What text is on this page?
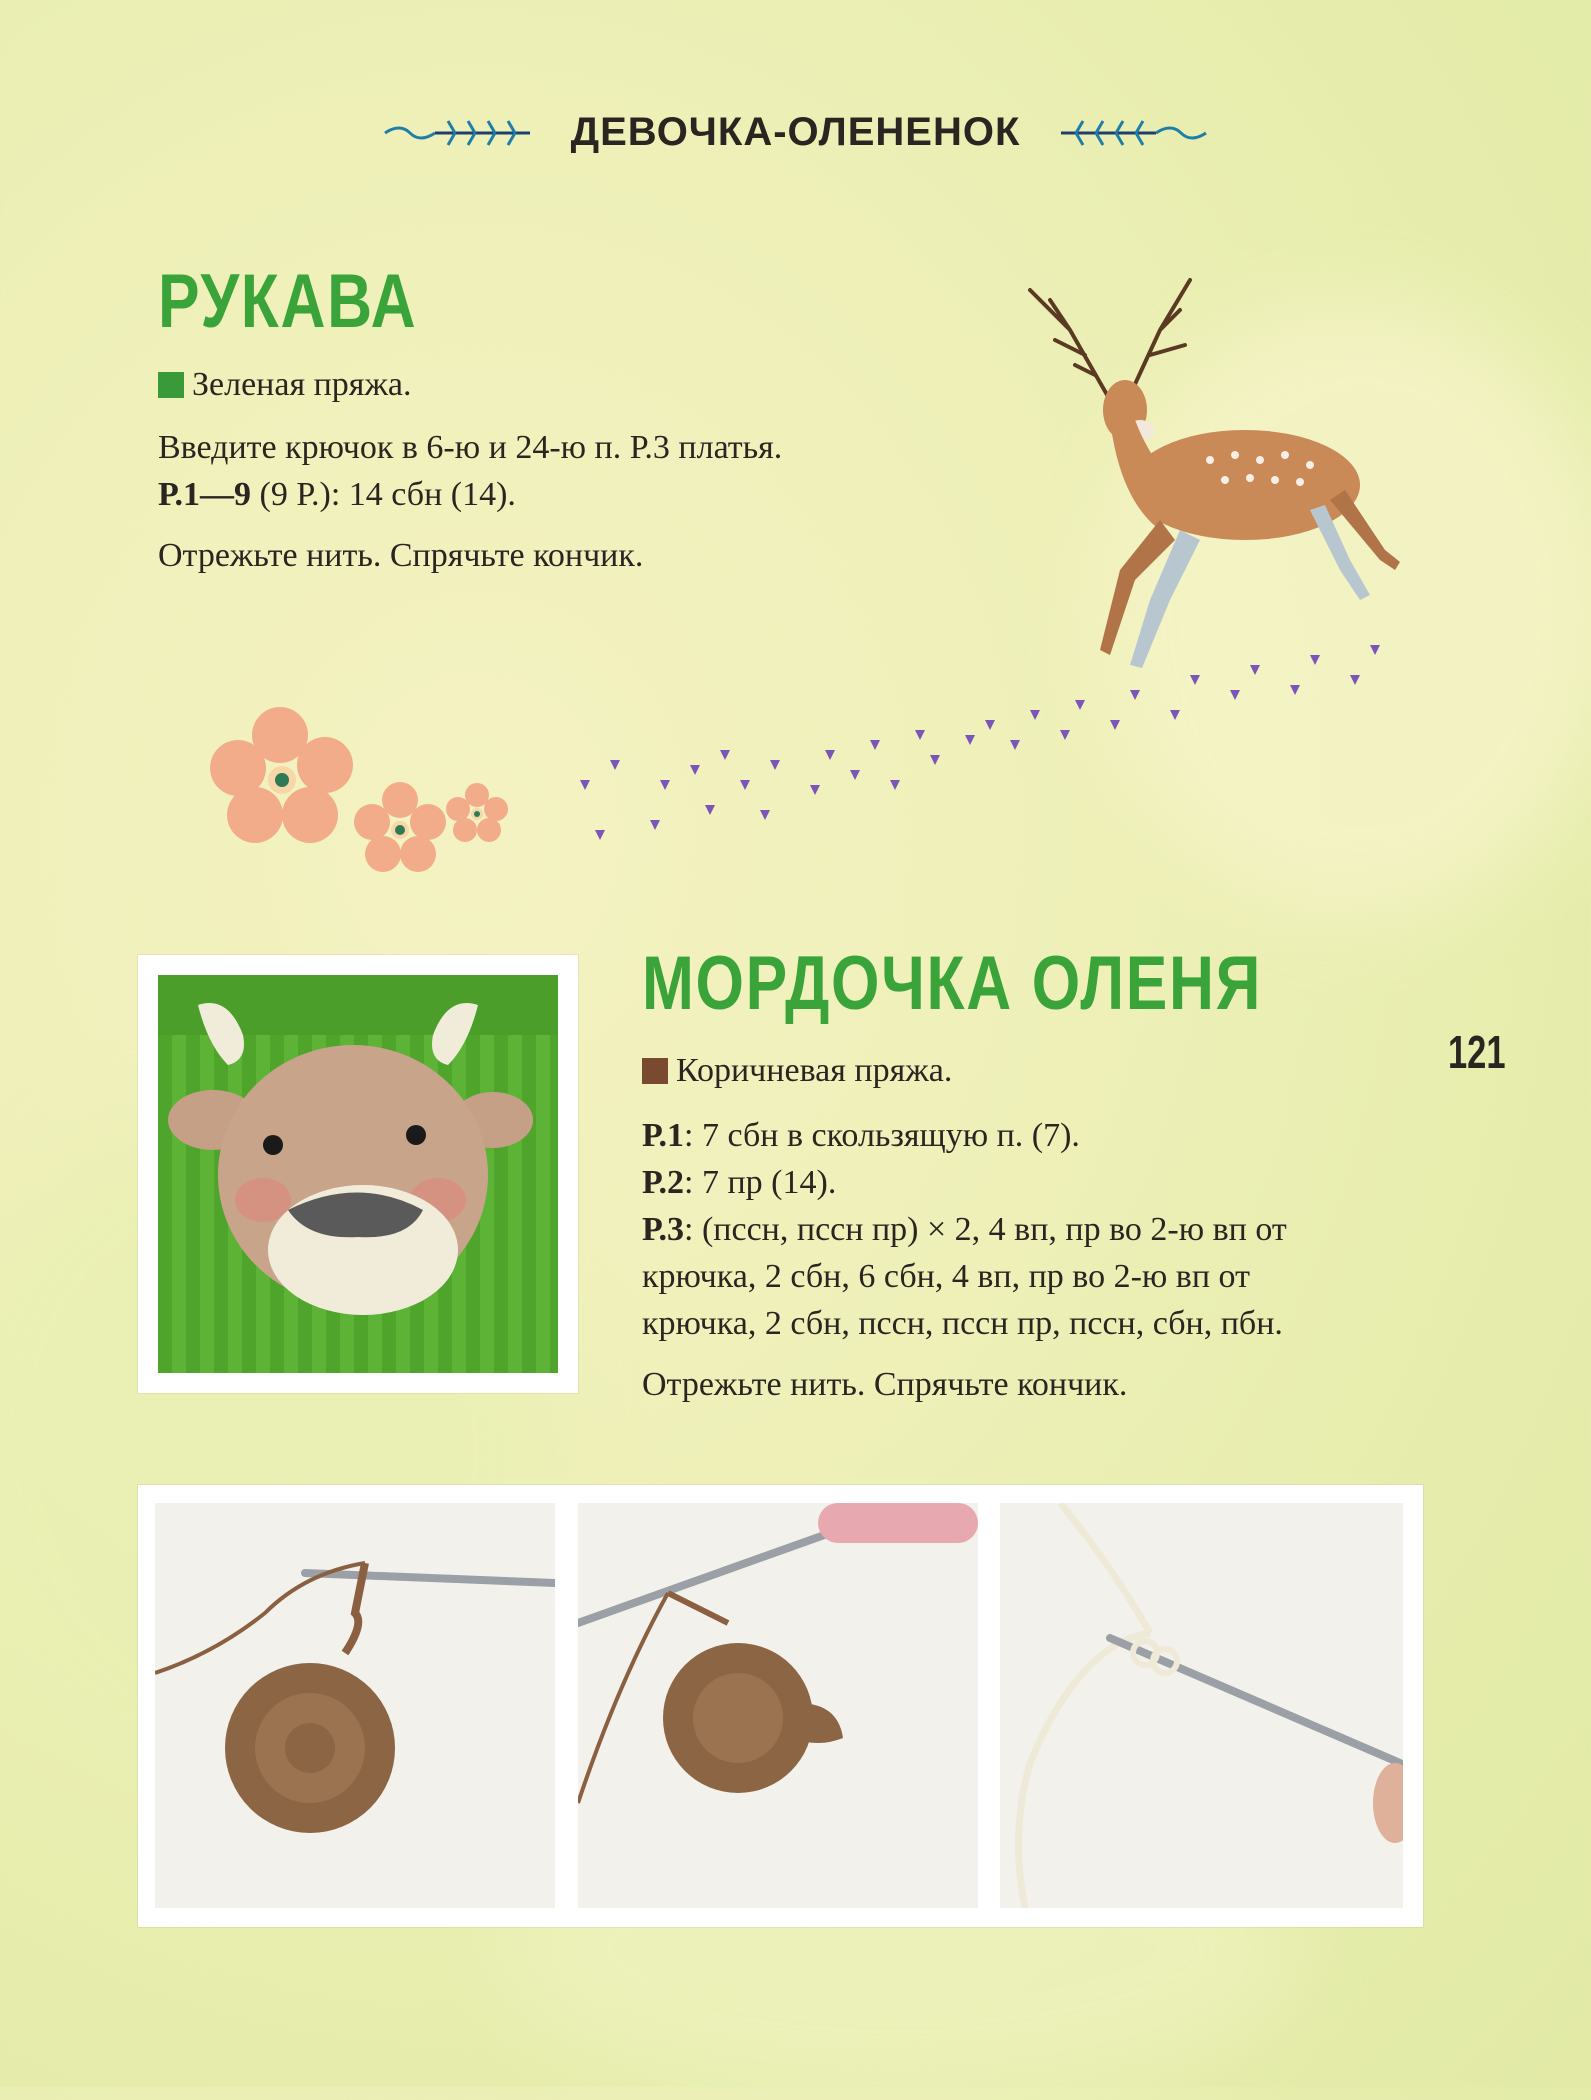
ДЕВОЧКА-ОЛЕНЕНОК
РУКАВА
Зеленая пряжа.

Введите крючок в 6-ю и 24-ю п. Р.3 платья.

Р.1—9 (9 Р.): 14 сбн (14).

Отрежьте нить. Спрячьте кончик.

МОРДОЧКА ОЛЕНЯ
Коричневая пряжа.

Р.1: 7 сбн в скользящую п. (7).

Р.2: 7 пр (14).

Р.3: (пссн, пссн пр) × 2, 4 вп, пр во 2-ю вп от

крючка, 2 сбн, 6 сбн, 4 вп, пр во 2-ю вп от

крючка, 2 сбн, пссн, пссн пр, пссн, сбн, пбн.

Отрежьте нить. Спрячьте кончик.

121
